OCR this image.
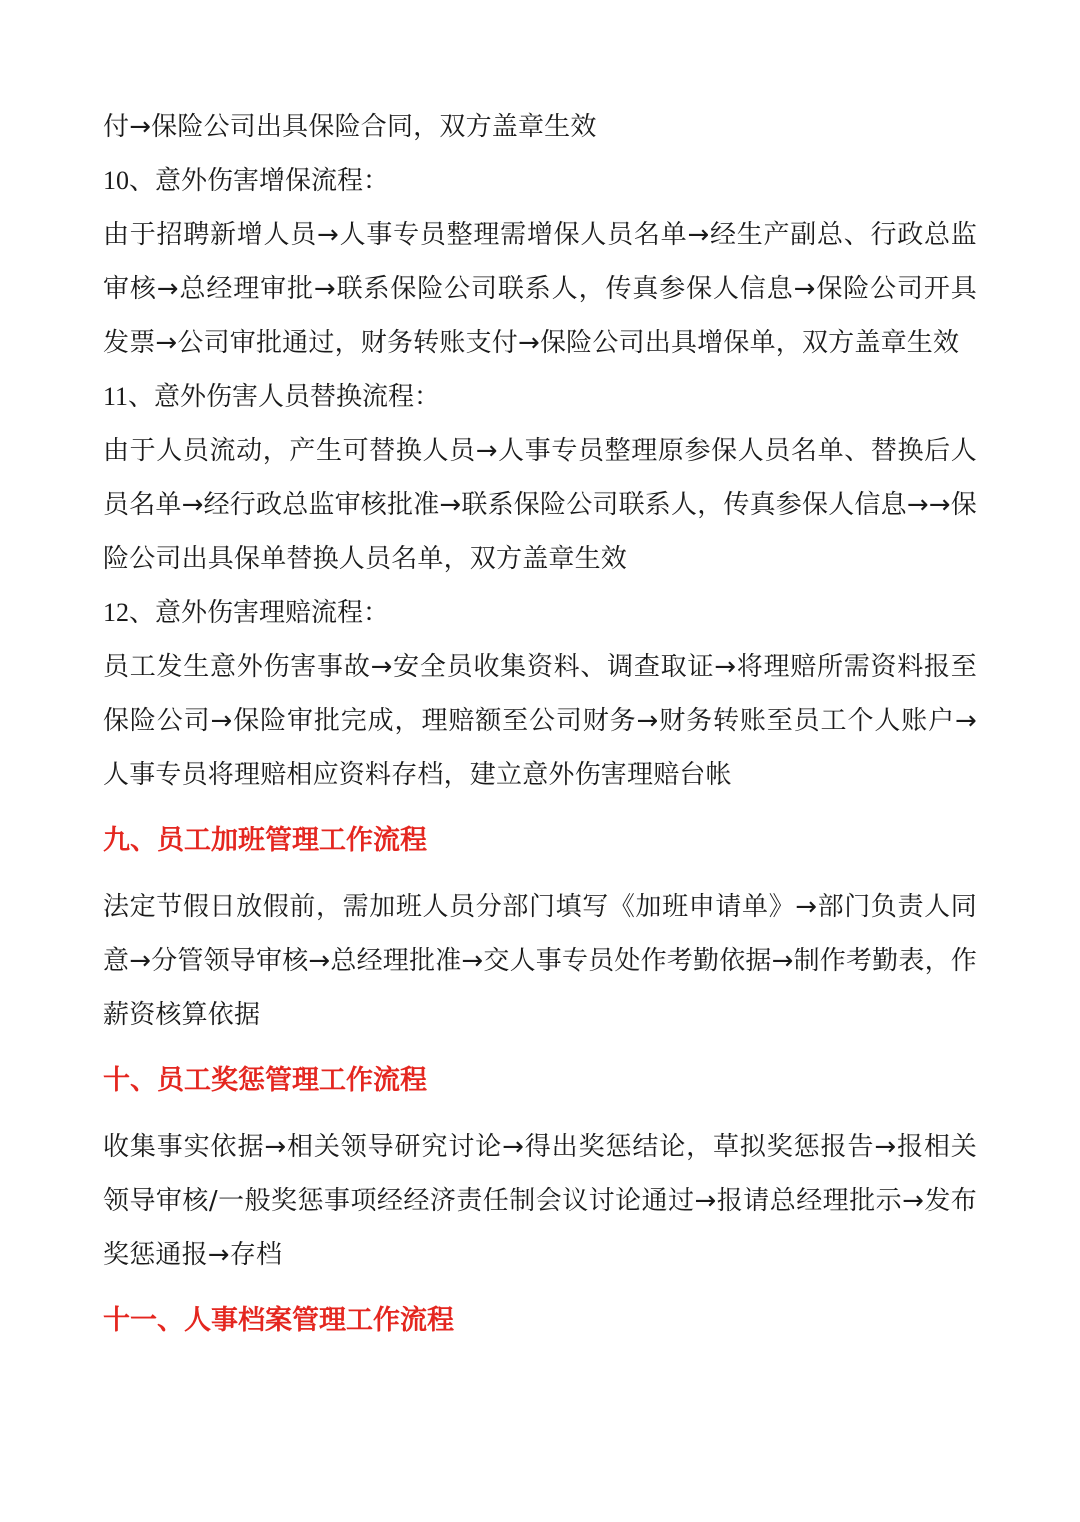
付→保险公司出具保险合同，双方盖章生效

10、意外伤害增保流程：

由于招聘新增人员→人事专员整理需增保人员名单→经生产副总、行政总监审核→总经理审批→联系保险公司联系人，传真参保人信息→保险公司开具发票→公司审批通过，财务转账支付→保险公司出具增保单，双方盖章生效

11、意外伤害人员替换流程：

由于人员流动，产生可替换人员→人事专员整理原参保人员名单、替换后人员名单→经行政总监审核批准→联系保险公司联系人，传真参保人信息→→保险公司出具保单替换人员名单，双方盖章生效

12、意外伤害理赔流程：

员工发生意外伤害事故→安全员收集资料、调查取证→将理赔所需资料报至保险公司→保险审批完成，理赔额至公司财务→财务转账至员工个人账户→人事专员将理赔相应资料存档，建立意外伤害理赔台帐

九、员工加班管理工作流程

法定节假日放假前，需加班人员分部门填写《加班申请单》→部门负责人同意→分管领导审核→总经理批准→交人事专员处作考勤依据→制作考勤表，作薪资核算依据

十、员工奖惩管理工作流程

收集事实依据→相关领导研究讨论→得出奖惩结论，草拟奖惩报告→报相关领导审核/一般奖惩事项经经济责任制会议讨论通过→报请总经理批示→发布奖惩通报→存档

十一、人事档案管理工作流程
